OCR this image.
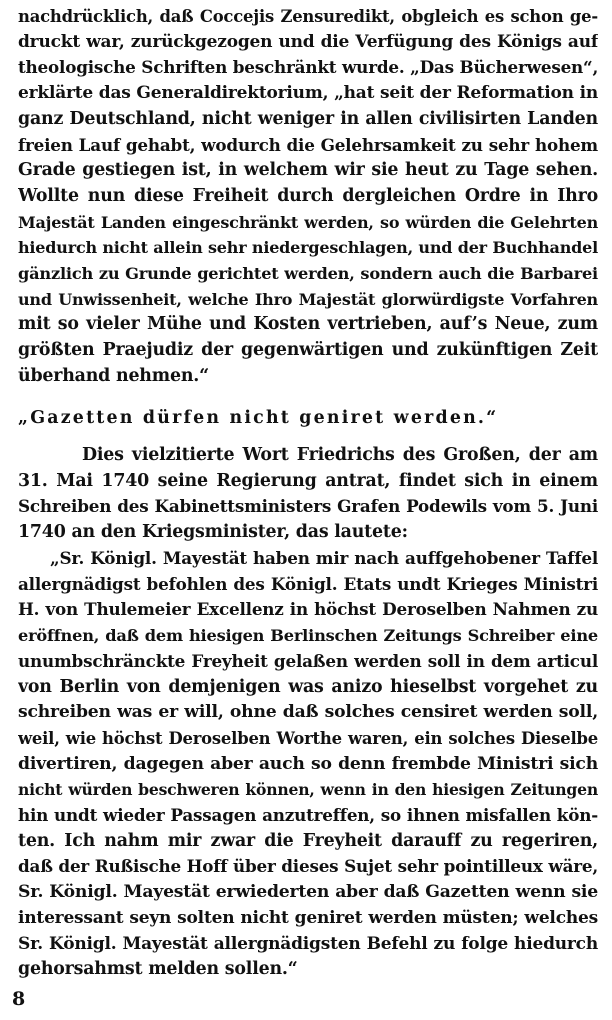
nachdrücklich, daß Coccejis Zensuredikt, obgleich es schon ge-
druckt war, zurückgezogen und die Verfügung des Königs auf
theologische Schriften beschränkt wurde. „Das Bücherwesen“,
erklärte das Generaldirektorium, „hat seit der Reformation in
ganz Deutschland, nicht weniger in allen civilisirten Landen
freien Lauf gehabt, wodurch die Gelehrsamkeit zu sehr hohem
Grade gestiegen ist, in welchem wir sie heut zu Tage sehen.
Wollte nun diese Freiheit durch dergleichen Ordre in Ihro
Majestät Landen eingeschränkt werden, so würden die Gelehrten
hiedurch nicht allein sehr niedergeschlagen, und der Buchhandel
gänzlich zu Grunde gerichtet werden, sondern auch die Barbarei
und Unwissenheit, welche Ihro Majestät glorwürdigste Vorfahren
mit so vieler Mühe und Kosten vertrieben, auf’s Neue, zum
größten Praejudiz der gegenwärtigen und zukünftigen Zeit
überhand nehmen.“
„Gazetten dürfen nicht geniret werden.“
Dies vielzitierte Wort Friedrichs des Großen, der am
31. Mai 1740 seine Regierung antrat, findet sich in einem
Schreiben des Kabinettsministers Grafen Podewils vom 5. Juni
1740 an den Kriegsminister, das lautete:
„Sr. Königl. Mayestät haben mir nach auffgehobener Taffel
allergnädigst befohlen des Königl. Etats undt Krieges Ministri
H. von Thulemeier Excellenz in höchst Deroselben Nahmen zu
eröffnen, daß dem hiesigen Berlinschen Zeitungs Schreiber eine
unumbschränckte Freyheit gelaßen werden soll in dem articul
von Berlin von demjenigen was anizo hieselbst vorgehet zu
schreiben was er will, ohne daß solches censiret werden soll,
weil, wie höchst Deroselben Worthe waren, ein solches Dieselbe
divertiren, dagegen aber auch so denn frembde Ministri sich
nicht würden beschweren können, wenn in den hiesigen Zeitungen
hin undt wieder Passagen anzutreffen, so ihnen misfallen kön-
ten. Ich nahm mir zwar die Freyheit darauff zu regeriren,
daß der Rußische Hoff über dieses Sujet sehr pointilleux wäre,
Sr. Königl. Mayestät erwiederten aber daß Gazetten wenn sie
interessant seyn solten nicht geniret werden müsten; welches
Sr. Königl. Mayestät allergnädigsten Befehl zu folge hiedurch
gehorsahmst melden sollen.“
8
